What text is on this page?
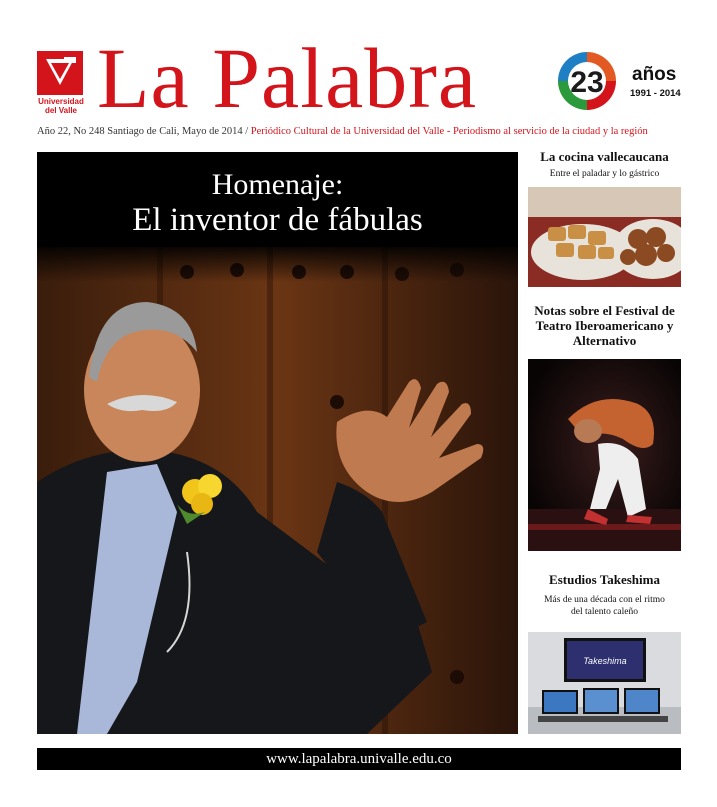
Universidad del Valle La Palabra	23 años
1991 - 2014
Año 22, No 248 Santiago de Cali, Mayo de 2014 / Periódico Cultural de la Universidad del Valle - Periodismo al servicio de la ciudad y la región
Homenaje:
El inventor de fábulas
La cocina vallecaucana
Entre el paladar y lo gástrico
Notas sobre el Festival de Teatro Iberoamericano y Alternativo
Estudios Takeshima
Más de una década con el ritmo del talento caleño
Takeshima
www.lapalabra.univalle.edu.co
